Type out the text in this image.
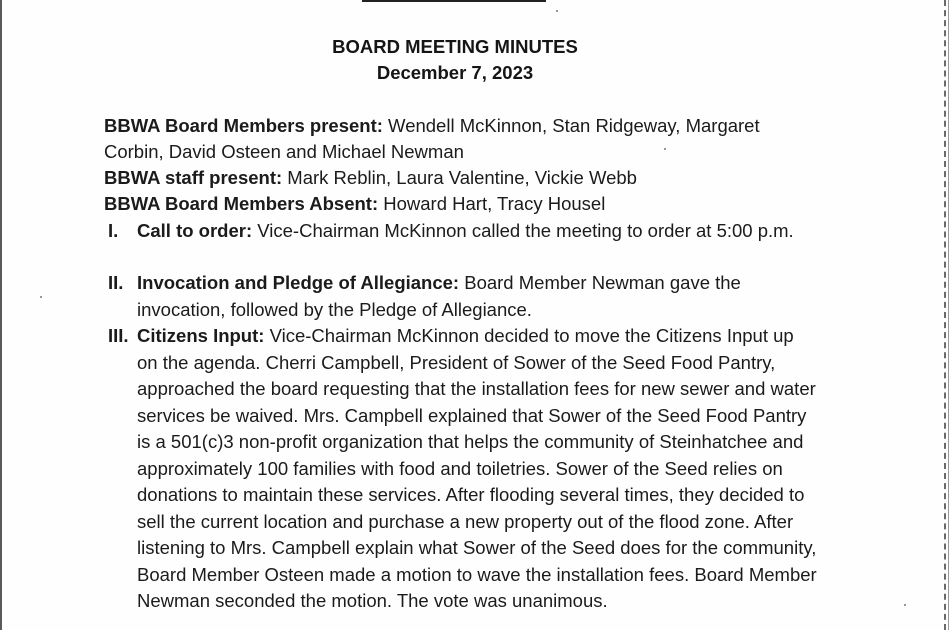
BOARD MEETING MINUTES
December 7, 2023
BBWA Board Members present: Wendell McKinnon, Stan Ridgeway, Margaret
Corbin, David Osteen and Michael Newman
BBWA staff present: Mark Reblin, Laura Valentine, Vickie Webb
BBWA Board Members Absent: Howard Hart, Tracy Housel
I. Call to order: Vice-Chairman McKinnon called the meeting to order at 5:00 p.m.
II. Invocation and Pledge of Allegiance: Board Member Newman gave the invocation, followed by the Pledge of Allegiance.
III. Citizens Input: Vice-Chairman McKinnon decided to move the Citizens Input up on the agenda. Cherri Campbell, President of Sower of the Seed Food Pantry, approached the board requesting that the installation fees for new sewer and water services be waived. Mrs. Campbell explained that Sower of the Seed Food Pantry is a 501(c)3 non-profit organization that helps the community of Steinhatchee and approximately 100 families with food and toiletries. Sower of the Seed relies on donations to maintain these services. After flooding several times, they decided to sell the current location and purchase a new property out of the flood zone. After listening to Mrs. Campbell explain what Sower of the Seed does for the community, Board Member Osteen made a motion to wave the installation fees. Board Member Newman seconded the motion. The vote was unanimous.
